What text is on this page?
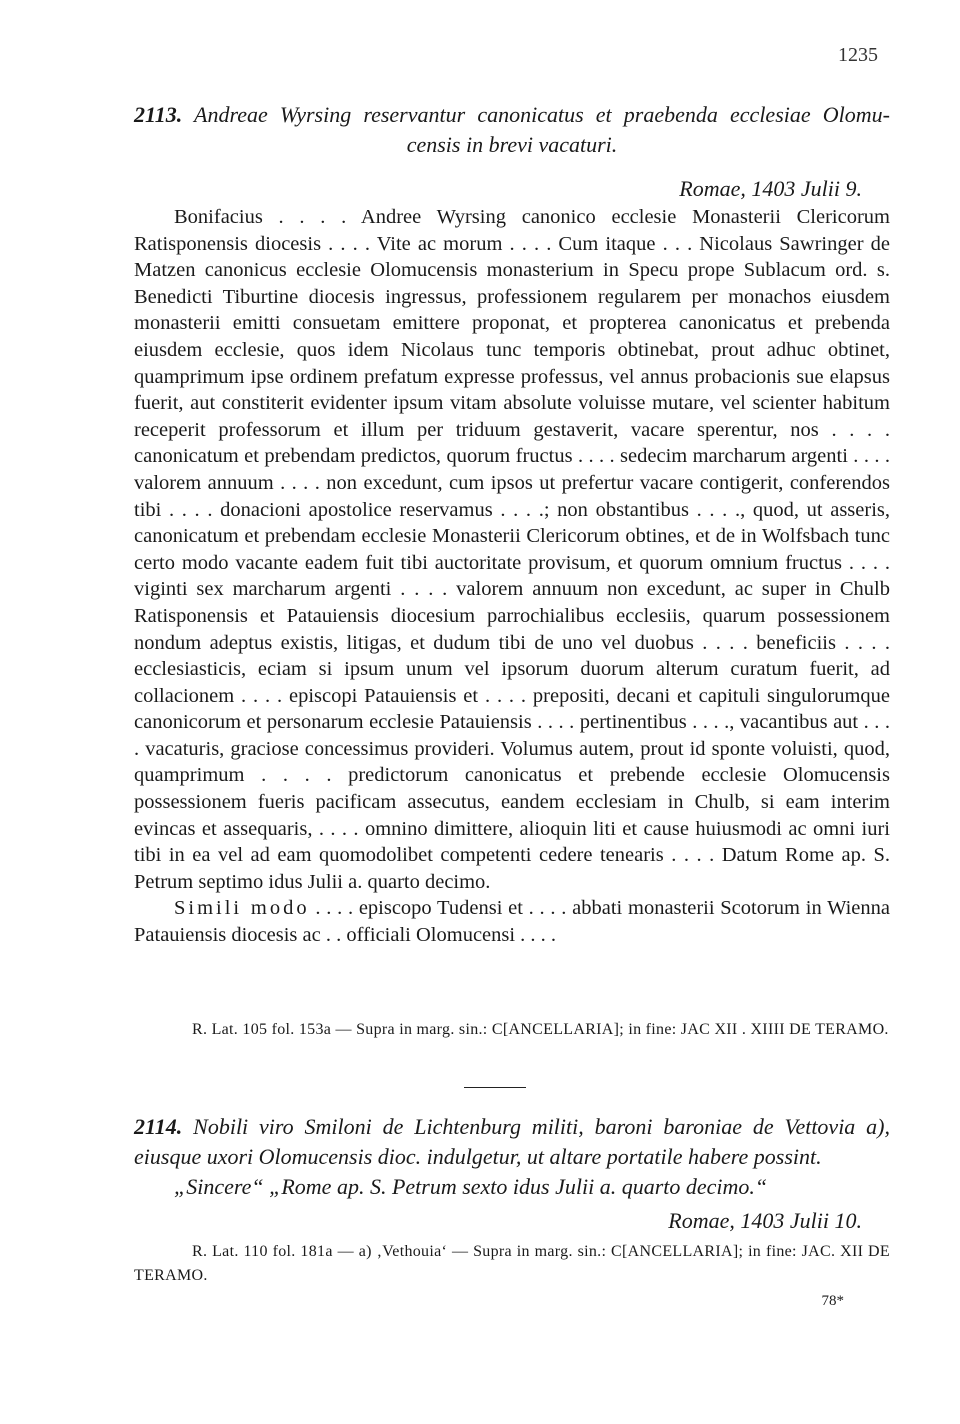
1235
2113. Andreae Wyrsing reservantur canonicatus et praebenda ecclesiae Olomu-
censis in brevi vacaturi.
Romae, 1403 Julii 9.

Bonifacius . . . . Andree Wyrsing canonico ecclesie Monasterii Clericorum Ratisponensis diocesis . . . . Vite ac morum . . . . Cum itaque . . . Nicolaus Sawringer de Matzen canonicus ecclesie Olomucensis monasterium in Specu prope Sublacum ord. s. Benedicti Tiburtine diocesis ingressus, professionem regularem per monachos eiusdem monasterii emitti consuetam emittere proponat, et propterea canonicatus et prebenda eiusdem ecclesie, quos idem Nicolaus tunc temporis obtinebat, prout adhuc obtinet, quamprimum ipse ordinem prefatum expresse professus, vel annus probacionis sue elapsus fuerit, aut constiterit evidenter ipsum vitam absolute voluisse mutare, vel scienter habitum receperit professorum et illum per triduum gestaverit, vacare sperentur, nos . . . . canonicatum et prebendam predictos, quorum fructus . . . . sedecim marcharum argenti . . . . valorem annuum . . . . non excedunt, cum ipsos ut prefertur vacare contigerit, conferendos tibi . . . . donacioni apostolice reservamus . . . .; non obstantibus . . . ., quod, ut asseris, canonicatum et prebendam ecclesie Monasterii Clericorum obtines, et de in Wolfsbach tunc certo modo vacante eadem fuit tibi auctoritate provisum, et quorum omnium fructus . . . . viginti sex marcharum argenti . . . . valorem annuum non excedunt, ac super in Chulb Ratisponensis et Patauiensis diocesium parrochialibus ecclesiis, quarum possessionem nondum adeptus existis, litigas, et dudum tibi de uno vel duobus . . . . beneficiis . . . . ecclesiasticis, eciam si ipsum unum vel ipsorum duorum alterum curatum fuerit, ad collacionem . . . . episcopi Patauiensis et . . . . prepositi, decani et capituli singulorumque canonicorum et personarum ecclesie Patauiensis . . . . pertinentibus . . . ., vacantibus aut . . . . vacaturis, graciose concessimus provideri. Volumus autem, prout id sponte voluisti, quod, quamprimum . . . . predictorum canonicatus et prebende ecclesie Olomucensis possessionem fueris pacificam assecutus, eandem ecclesiam in Chulb, si eam interim evincas et assequaris, . . . . omnino dimittere, alioquin liti et cause huiusmodi ac omni iuri tibi in ea vel ad eam quomodolibet competenti cedere tenearis . . . . Datum Rome ap. S. Petrum septimo idus Julii a. quarto decimo.

Simili modo . . . . episcopo Tudensi et . . . . abbati monasterii Scotorum in Wienna Patauiensis diocesis ac . . officiali Olomucensi . . . .

R. Lat. 105 fol. 153a — Supra in marg. sin.: C[ANCELLARIA]; in fine: JAC XII . XIIII DE TERAMO.
2114. Nobili viro Smiloni de Lichtenburg militi, baroni baroniae de Vettovia a), eiusque uxori Olomucensis dioc. indulgetur, ut altare portatile habere possint.
„Sincere“ „Rome ap. S. Petrum sexto idus Julii a. quarto decimo.“
Romae, 1403 Julii 10.
R. Lat. 110 fol. 181a — a) ‚Vethouia‘ — Supra in marg. sin.: C[ANCELLARIA]; in fine: JAC. XII DE TERAMO.
78*
